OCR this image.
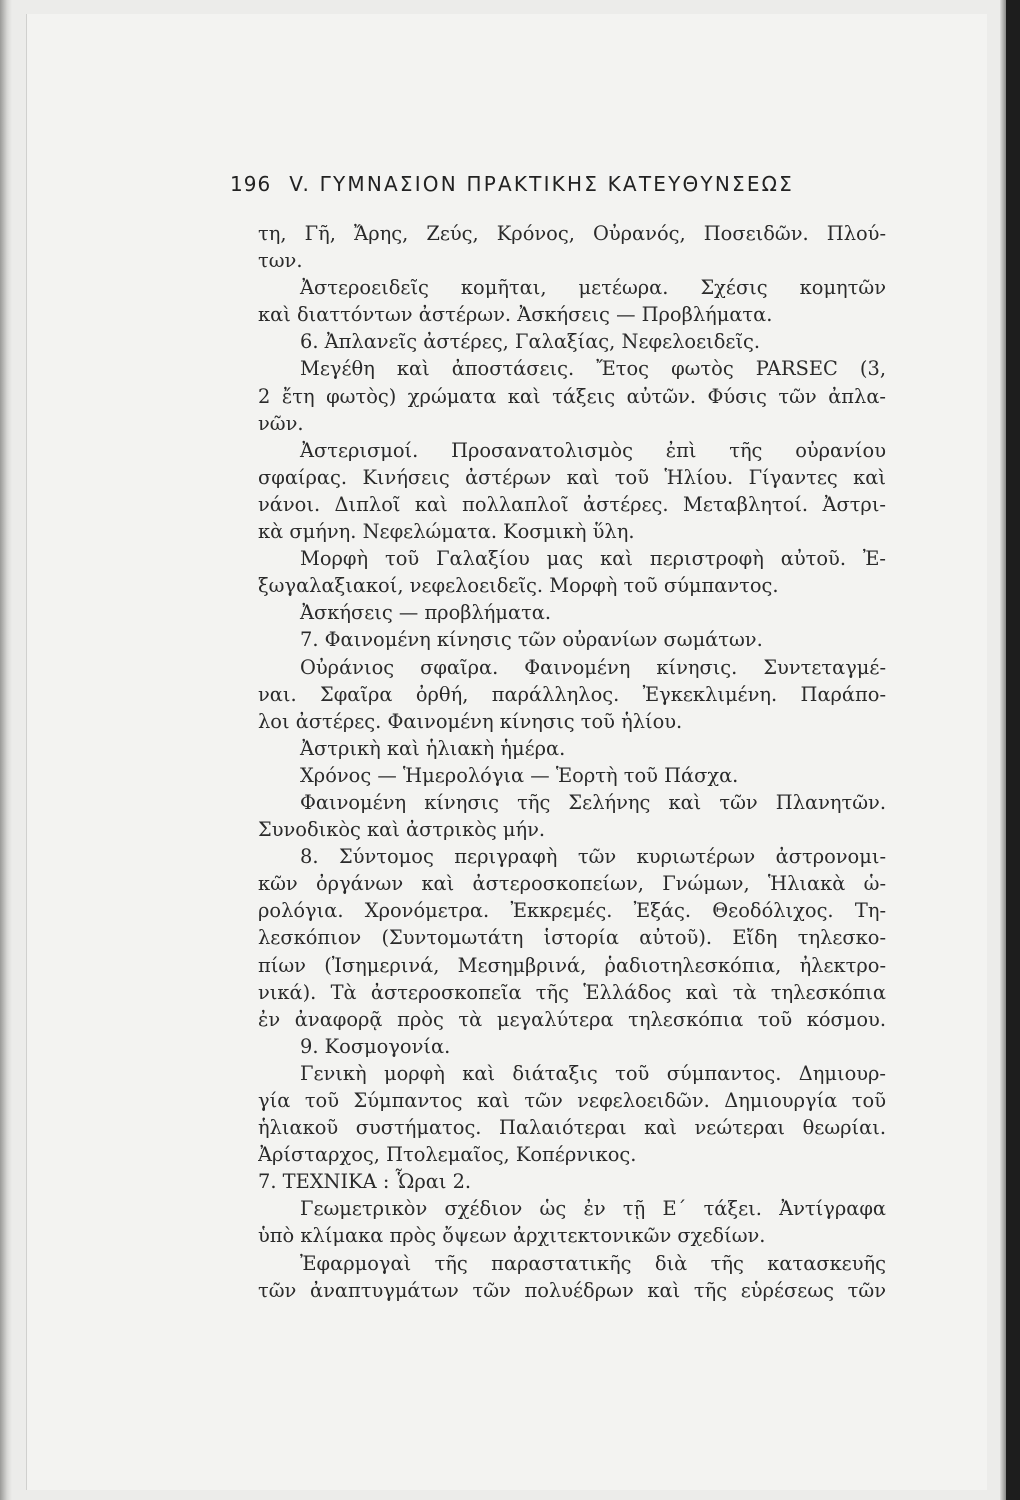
196 V. ΓΥΜΝΑΣΙΟΝ ΠΡΑΚΤΙΚΗΣ ΚΑΤΕΥΘΥΝΣΕΩΣ
τη, Γῆ, Ἄρης, Ζεύς, Κρόνος, Οὐρανός, Ποσειδῶν. Πλού-
των.
Ἀστεροειδεῖς κομῆται, μετέωρα. Σχέσις κομητῶν
καὶ διαττόντων ἀστέρων. Ἀσκήσεις — Προβλήματα.
6. Ἀπλανεῖς ἀστέρες, Γαλαξίας, Νεφελοειδεῖς.
Μεγέθη καὶ ἀποστάσεις. Ἔτος φωτὸς PARSEC (3,
2 ἔτη φωτὸς) χρώματα καὶ τάξεις αὐτῶν. Φύσις τῶν ἀπλα-
νῶν.
Ἀστερισμοί. Προσανατολισμὸς ἐπὶ τῆς οὐρανίου
σφαίρας. Κινήσεις ἀστέρων καὶ τοῦ Ἡλίου. Γίγαντες καὶ
νάνοι. Διπλοῖ καὶ πολλαπλοῖ ἀστέρες. Μεταβλητοί. Ἀστρι-
κὰ σμήνη. Νεφελώματα. Κοσμικὴ ὕλη.
Μορφὴ τοῦ Γαλαξίου μας καὶ περιστροφὴ αὐτοῦ. Ἐ-
ξωγαλαξιακοί, νεφελοειδεῖς. Μορφὴ τοῦ σύμπαντος.
Ἀσκήσεις — προβλήματα.
7. Φαινομένη κίνησις τῶν οὐρανίων σωμάτων.
Οὐράνιος σφαῖρα. Φαινομένη κίνησις. Συντεταγμέ-
ναι. Σφαῖρα ὀρθή, παράλληλος. Ἐγκεκλιμένη. Παράπο-
λοι ἀστέρες. Φαινομένη κίνησις τοῦ ἡλίου.
Ἀστρικὴ καὶ ἡλιακὴ ἡμέρα.
Χρόνος — Ἡμερολόγια — Ἑορτὴ τοῦ Πάσχα.
Φαινομένη κίνησις τῆς Σελήνης καὶ τῶν Πλανητῶν.
Συνοδικὸς καὶ ἀστρικὸς μήν.
8. Σύντομος περιγραφὴ τῶν κυριωτέρων ἀστρονομι-
κῶν ὀργάνων καὶ ἀστεροσκοπείων, Γνώμων, Ἡλιακὰ ὡ-
ρολόγια. Χρονόμετρα. Ἐκκρεμές. Ἐξάς. Θεοδόλιχος. Τη-
λεσκόπιον (Συντομωτάτη ἱστορία αὐτοῦ). Εἴδη τηλεσκο-
πίων (Ἰσημερινά, Μεσημβρινά, ῥαδιοτηλεσκόπια, ἠλεκτρο-
νικά). Τὰ ἀστεροσκοπεῖα τῆς Ἑλλάδος καὶ τὰ τηλεσκόπια
ἐν ἀναφορᾷ πρὸς τὰ μεγαλύτερα τηλεσκόπια τοῦ κόσμου.
9. Κοσμογονία.
Γενικὴ μορφὴ καὶ διάταξις τοῦ σύμπαντος. Δημιουρ-
γία τοῦ Σύμπαντος καὶ τῶν νεφελοειδῶν. Δημιουργία τοῦ
ἡλιακοῦ συστήματος. Παλαιότεραι καὶ νεώτεραι θεωρίαι.
Ἀρίσταρχος, Πτολεμαῖος, Κοπέρνικος.
7. ΤΕΧΝΙΚΑ : Ὧραι 2.
Γεωμετρικὸν σχέδιον ὡς ἐν τῇ Ε΄ τάξει. Ἀντίγραφα
ὑπὸ κλίμακα πρὸς ὄψεων ἀρχιτεκτονικῶν σχεδίων.
Ἐφαρμογαὶ τῆς παραστατικῆς διὰ τῆς κατασκευῆς
τῶν ἀναπτυγμάτων τῶν πολυέδρων καὶ τῆς εὑρέσεως τῶν
